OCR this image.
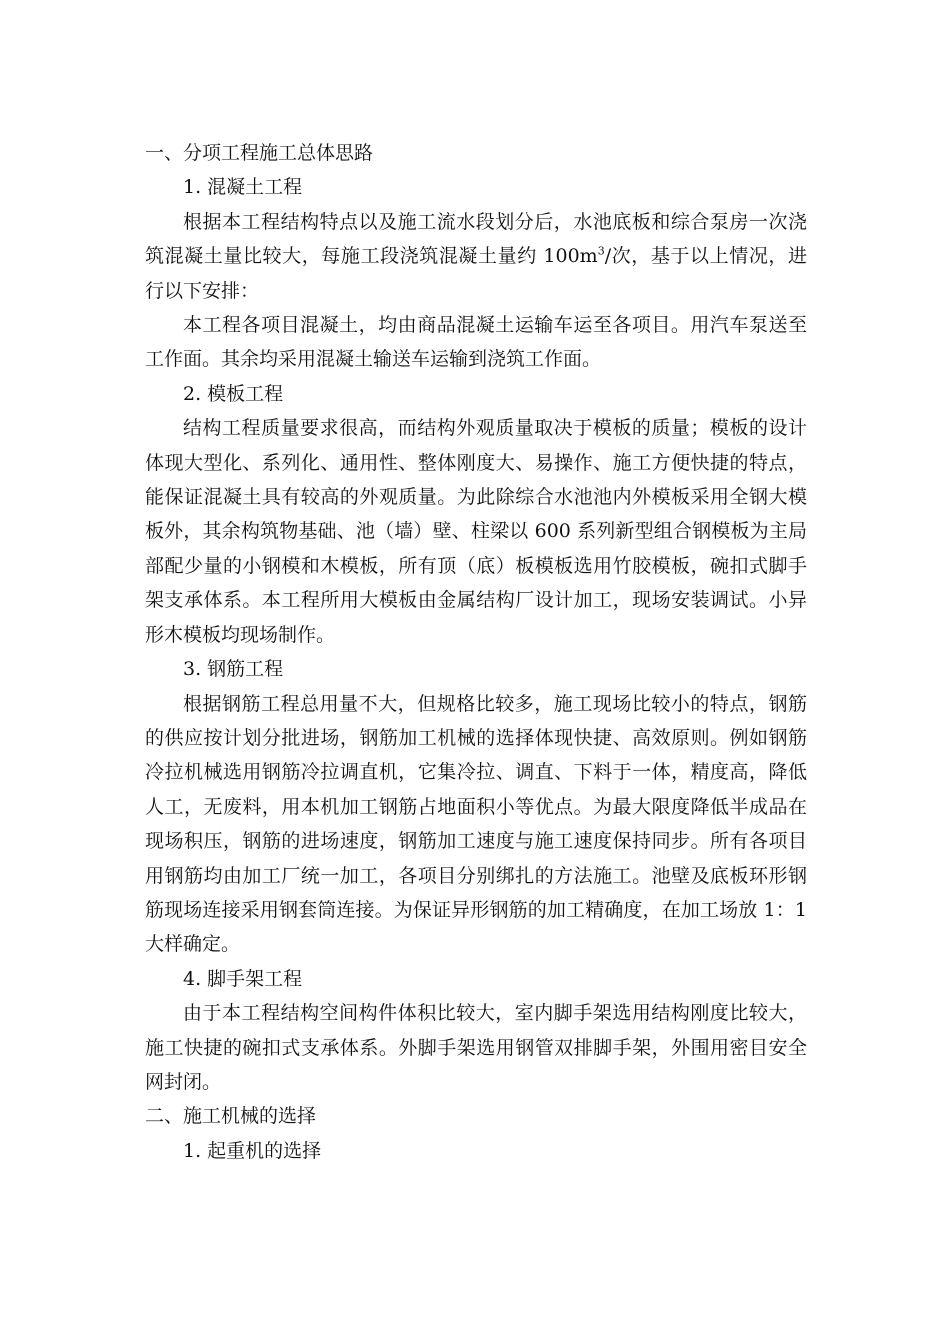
一、分项工程施工总体思路

1. 混凝土工程

根据本工程结构特点以及施工流水段划分后，水池底板和综合泵房一次浇筑混凝土量比较大，每施工段浇筑混凝土量约 $100m^3/$次，基于以上情况，进行以下安排：

本工程各项目混凝土，均由商品混凝土运输车运至各项目。用汽车泵送至工作面。其余均采用混凝土输送车运输到浇筑工作面。

2. 模板工程

结构工程质量要求很高，而结构外观质量取决于模板的质量；模板的设计体现大型化、系列化、通用性、整体刚度大、易操作、施工方便快捷的特点，能保证混凝土具有较高的外观质量。为此除综合水池池内外模板采用全钢大模板外，其余构筑物基础、池（墙）壁、柱梁以 600 系列新型组合钢模板为主局部配少量的小钢模和木模板，所有顶（底）板模板选用竹胶模板，碗扣式脚手架支承体系。本工程所用大模板由金属结构厂设计加工，现场安装调试。小异形木模板均现场制作。

3. 钢筋工程

根据钢筋工程总用量不大，但规格比较多，施工现场比较小的特点，钢筋的供应按计划分批进场，钢筋加工机械的选择体现快捷、高效原则。例如钢筋冷拉机械选用钢筋冷拉调直机，它集冷拉、调直、下料于一体，精度高，降低人工，无废料，用本机加工钢筋占地面积小等优点。为最大限度降低半成品在现场积压，钢筋的进场速度，钢筋加工速度与施工速度保持同步。所有各项目用钢筋均由加工厂统一加工，各项目分别绑扎的方法施工。池壁及底板环形钢筋现场连接采用钢套筒连接。为保证异形钢筋的加工精确度，在加工场放 1：1 大样确定。

4. 脚手架工程

由于本工程结构空间构件体积比较大，室内脚手架选用结构刚度比较大，施工快捷的碗扣式支承体系。外脚手架选用钢管双排脚手架，外围用密目安全网封闭。

二、施工机械的选择

1. 起重机的选择
